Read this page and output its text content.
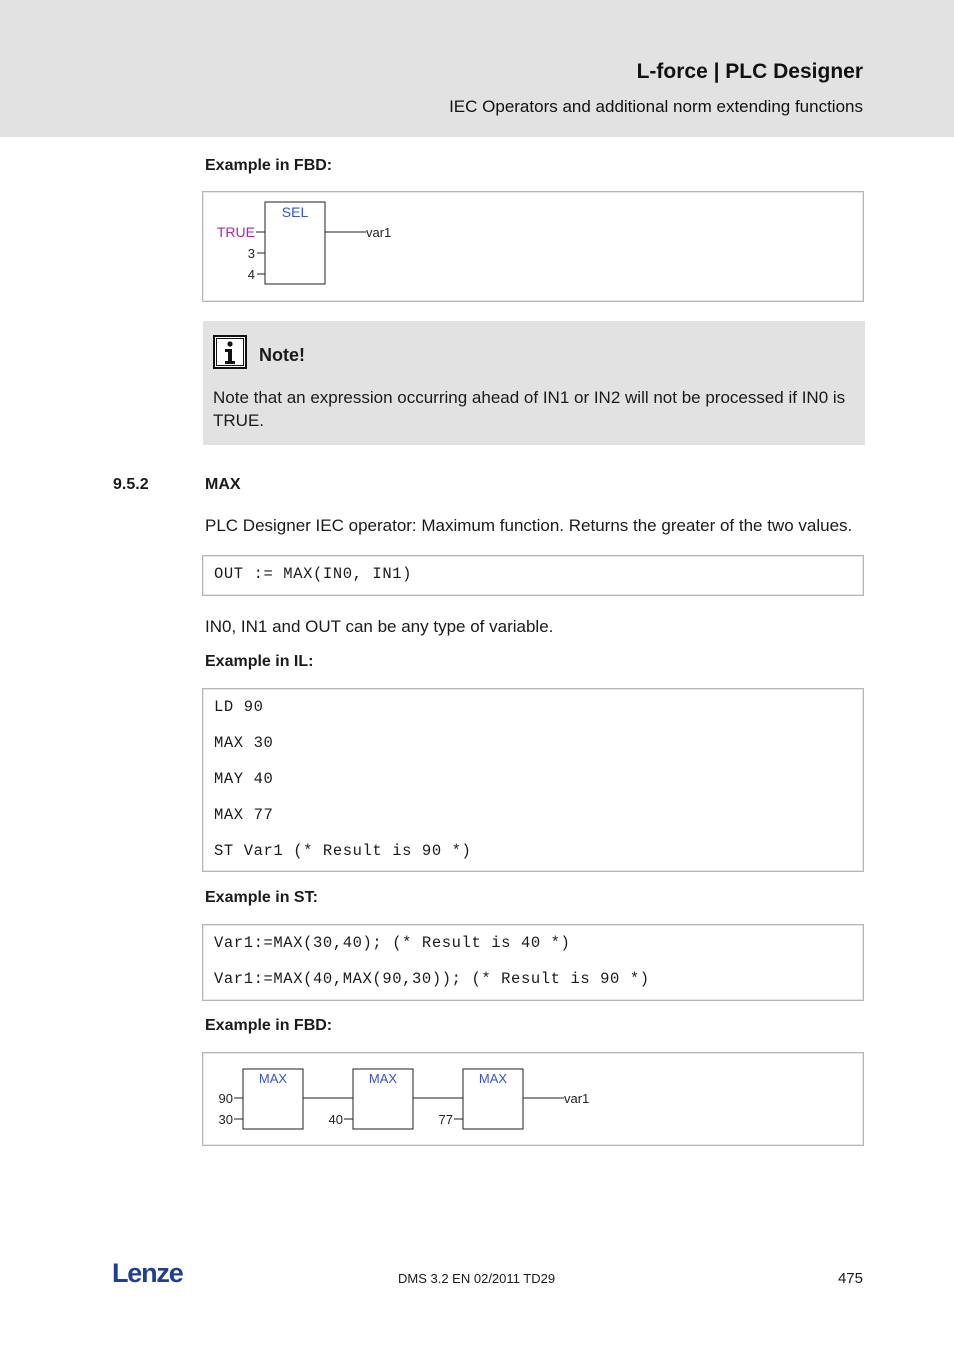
L-force | PLC Designer
IEC Operators and additional norm extending functions
Example in FBD:
SEL
TRUE
3
4
var1
Note!
Note that an expression occurring ahead of IN1 or IN2 will not be processed if IN0 is TRUE.
9.5.2	MAX
PLC Designer IEC operator: Maximum function. Returns the greater of the two values.
OUT := MAX(IN0, IN1)
IN0, IN1 and OUT can be any type of variable.
Example in IL:
LD 90
MAX 30
MAY 40
MAX 77
ST Var1 (* Result is 90 *)
Example in ST:
Var1:=MAX(30,40); (* Result is 40 *)
Var1:=MAX(40,MAX(90,30)); (* Result is 90 *)
Example in FBD:
MAX
90
30
MAX
40
MAX
77
var1
Lenze	DMS 3.2 EN 02/2011 TD29	475
